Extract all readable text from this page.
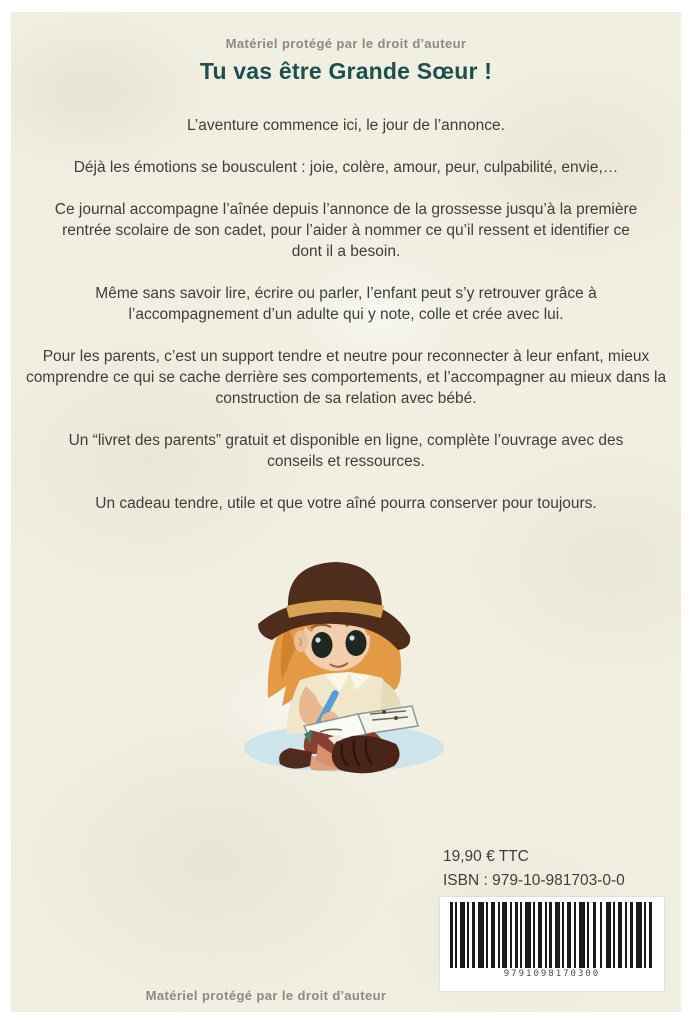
Matériel protégé par le droit d'auteur
Tu vas être Grande Sœur !

L’aventure commence ici, le jour de l’annonce.

Déjà les émotions se bousculent : joie, colère, amour, peur, culpabilité, envie,…

Ce journal accompagne l’aînée depuis l’annonce de la grossesse jusqu’à la première rentrée scolaire de son cadet, pour l’aider à nommer ce qu’il ressent et identifier ce dont il a besoin.

Même sans savoir lire, écrire ou parler, l’enfant peut s’y retrouver grâce à l’accompagnement d’un adulte qui y note, colle et crée avec lui.

Pour les parents, c’est un support tendre et neutre pour reconnecter à leur enfant, mieux comprendre ce qui se cache derrière ses comportements, et l’accompagner au mieux dans la construction de sa relation avec bébé.

Un “livret des parents” gratuit et disponible en ligne, complète l’ouvrage avec des conseils et ressources.

Un cadeau tendre, utile et que votre aîné pourra conserver pour toujours.

19,90 € TTC
ISBN : 979-10-981703-0-0
9791098170300
Matériel protégé par le droit d'auteur
